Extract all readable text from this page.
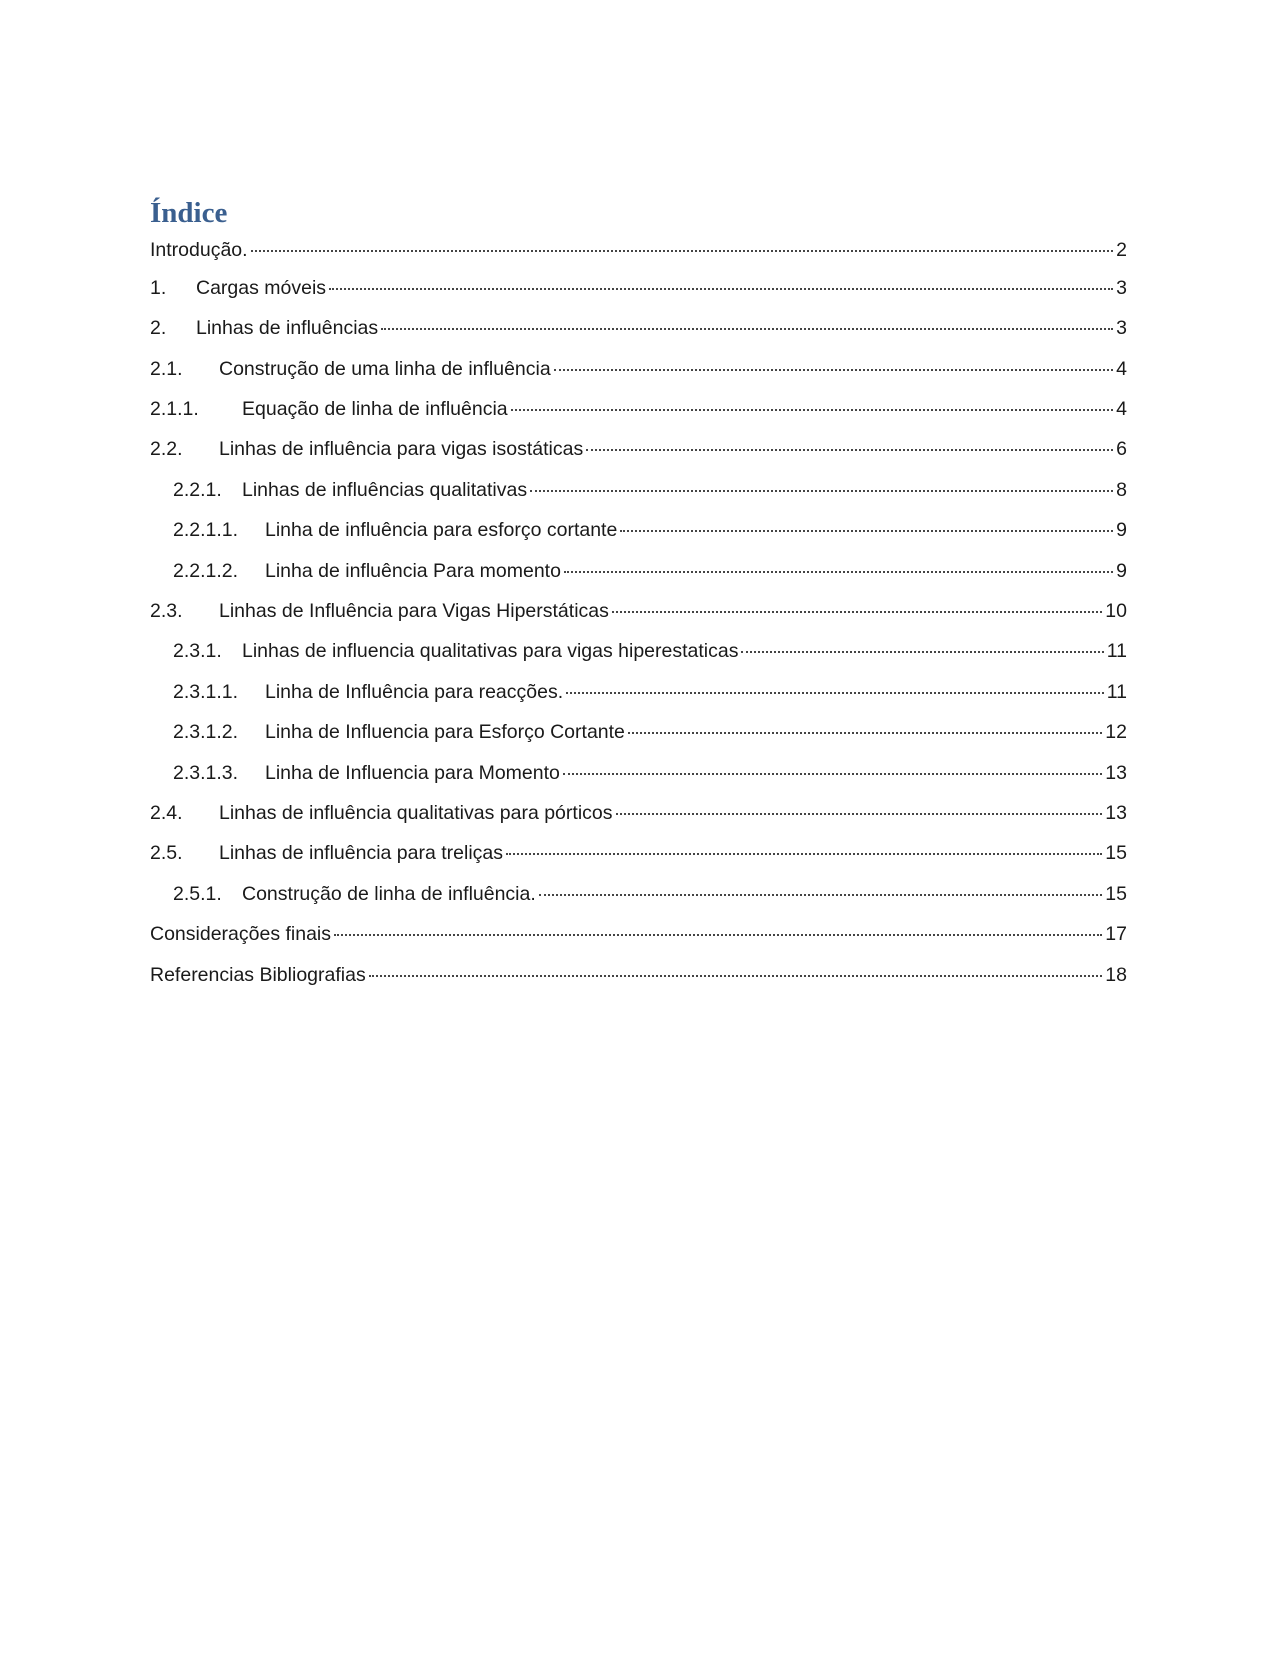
Índice
Introdução.	2
1.	Cargas móveis	3
2.	Linhas de influências	3
2.1.	Construção de uma linha de influência	4
2.1.1.	Equação de linha de influência	4
2.2.	Linhas de influência para vigas isostáticas	6
2.2.1.	Linhas de influências qualitativas	8
2.2.1.1.	Linha de influência para esforço cortante	9
2.2.1.2.	Linha de influência Para momento	9
2.3.	Linhas de Influência para Vigas Hiperstáticas	10
2.3.1.	Linhas de influencia qualitativas para vigas hiperestaticas	11
2.3.1.1.	Linha de Influência para reacções.	11
2.3.1.2.	Linha de Influencia para Esforço Cortante	12
2.3.1.3.	Linha de Influencia para Momento	13
2.4.	Linhas de influência qualitativas para pórticos	13
2.5.	Linhas de influência para treliças	15
2.5.1.	Construção de linha de influência.	15
Considerações finais	17
Referencias Bibliografias	18
